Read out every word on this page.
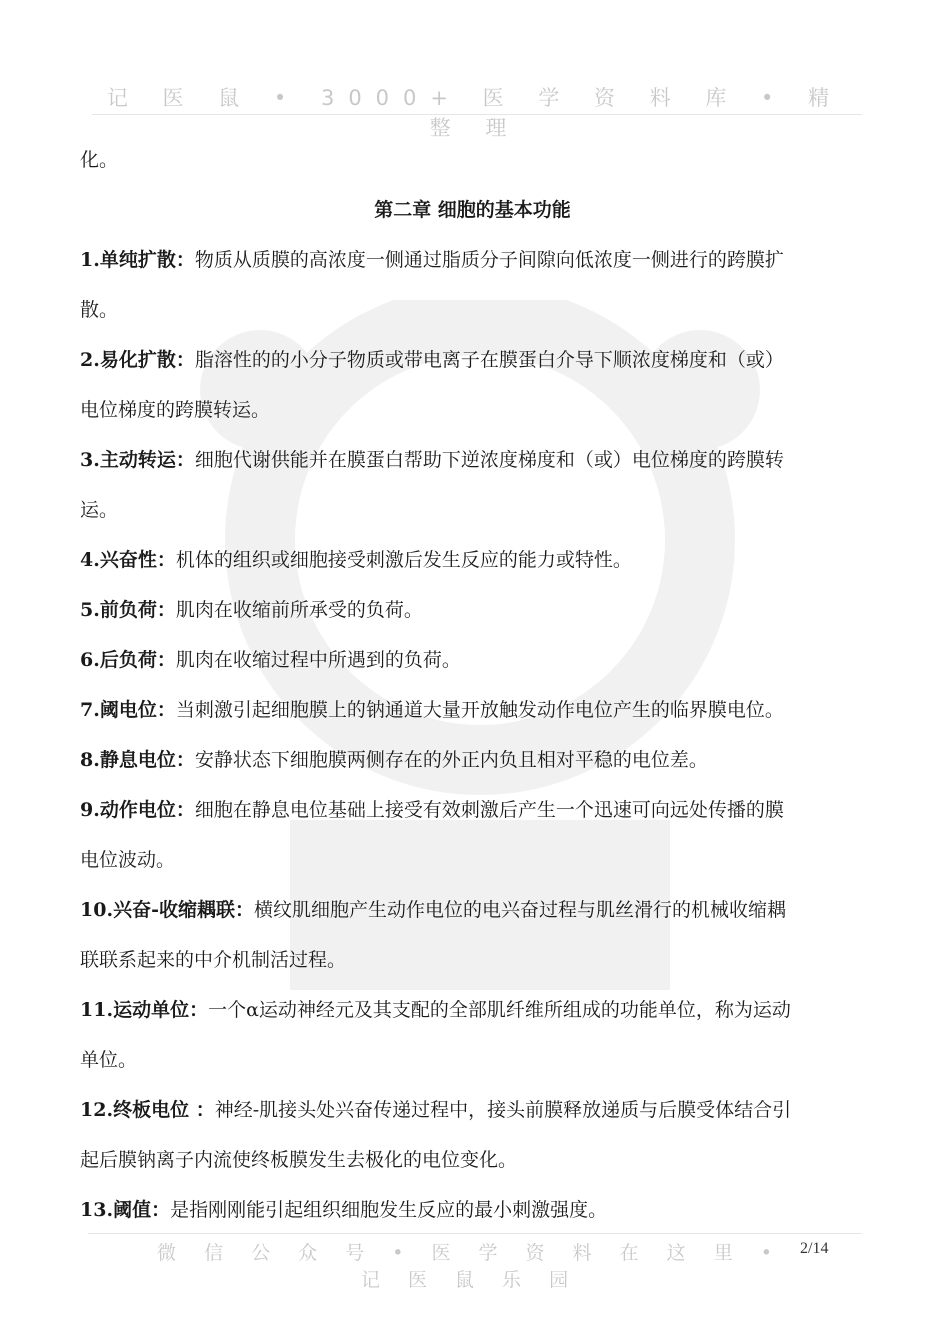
记 医 鼠 • 3000+ 医 学 资 料 库 • 精 整 理
化。
第二章 细胞的基本功能
1.单纯扩散：物质从质膜的高浓度一侧通过脂质分子间隙向低浓度一侧进行的跨膜扩
散。
2.易化扩散：脂溶性的的小分子物质或带电离子在膜蛋白介导下顺浓度梯度和（或）
电位梯度的跨膜转运。
3.主动转运：细胞代谢供能并在膜蛋白帮助下逆浓度梯度和（或）电位梯度的跨膜转
运。
4.兴奋性：机体的组织或细胞接受刺激后发生反应的能力或特性。
5.前负荷：肌肉在收缩前所承受的负荷。
6.后负荷：肌肉在收缩过程中所遇到的负荷。
7.阈电位：当刺激引起细胞膜上的钠通道大量开放触发动作电位产生的临界膜电位。
8.静息电位：安静状态下细胞膜两侧存在的外正内负且相对平稳的电位差。
9.动作电位：细胞在静息电位基础上接受有效刺激后产生一个迅速可向远处传播的膜
电位波动。
10.兴奋-收缩耦联：横纹肌细胞产生动作电位的电兴奋过程与肌丝滑行的机械收缩耦
联联系起来的中介机制活过程。
11.运动单位：一个α运动神经元及其支配的全部肌纤维所组成的功能单位，称为运动
单位。
12.终板电位 ：神经-肌接头处兴奋传递过程中，接头前膜释放递质与后膜受体结合引
起后膜钠离子内流使终板膜发生去极化的电位变化。
13.阈值：是指刚刚能引起组织细胞发生反应的最小刺激强度。
微 信 公 众 号 • 医 学 资 料 在 这 里 • 记 医 鼠 乐 园
2/14
